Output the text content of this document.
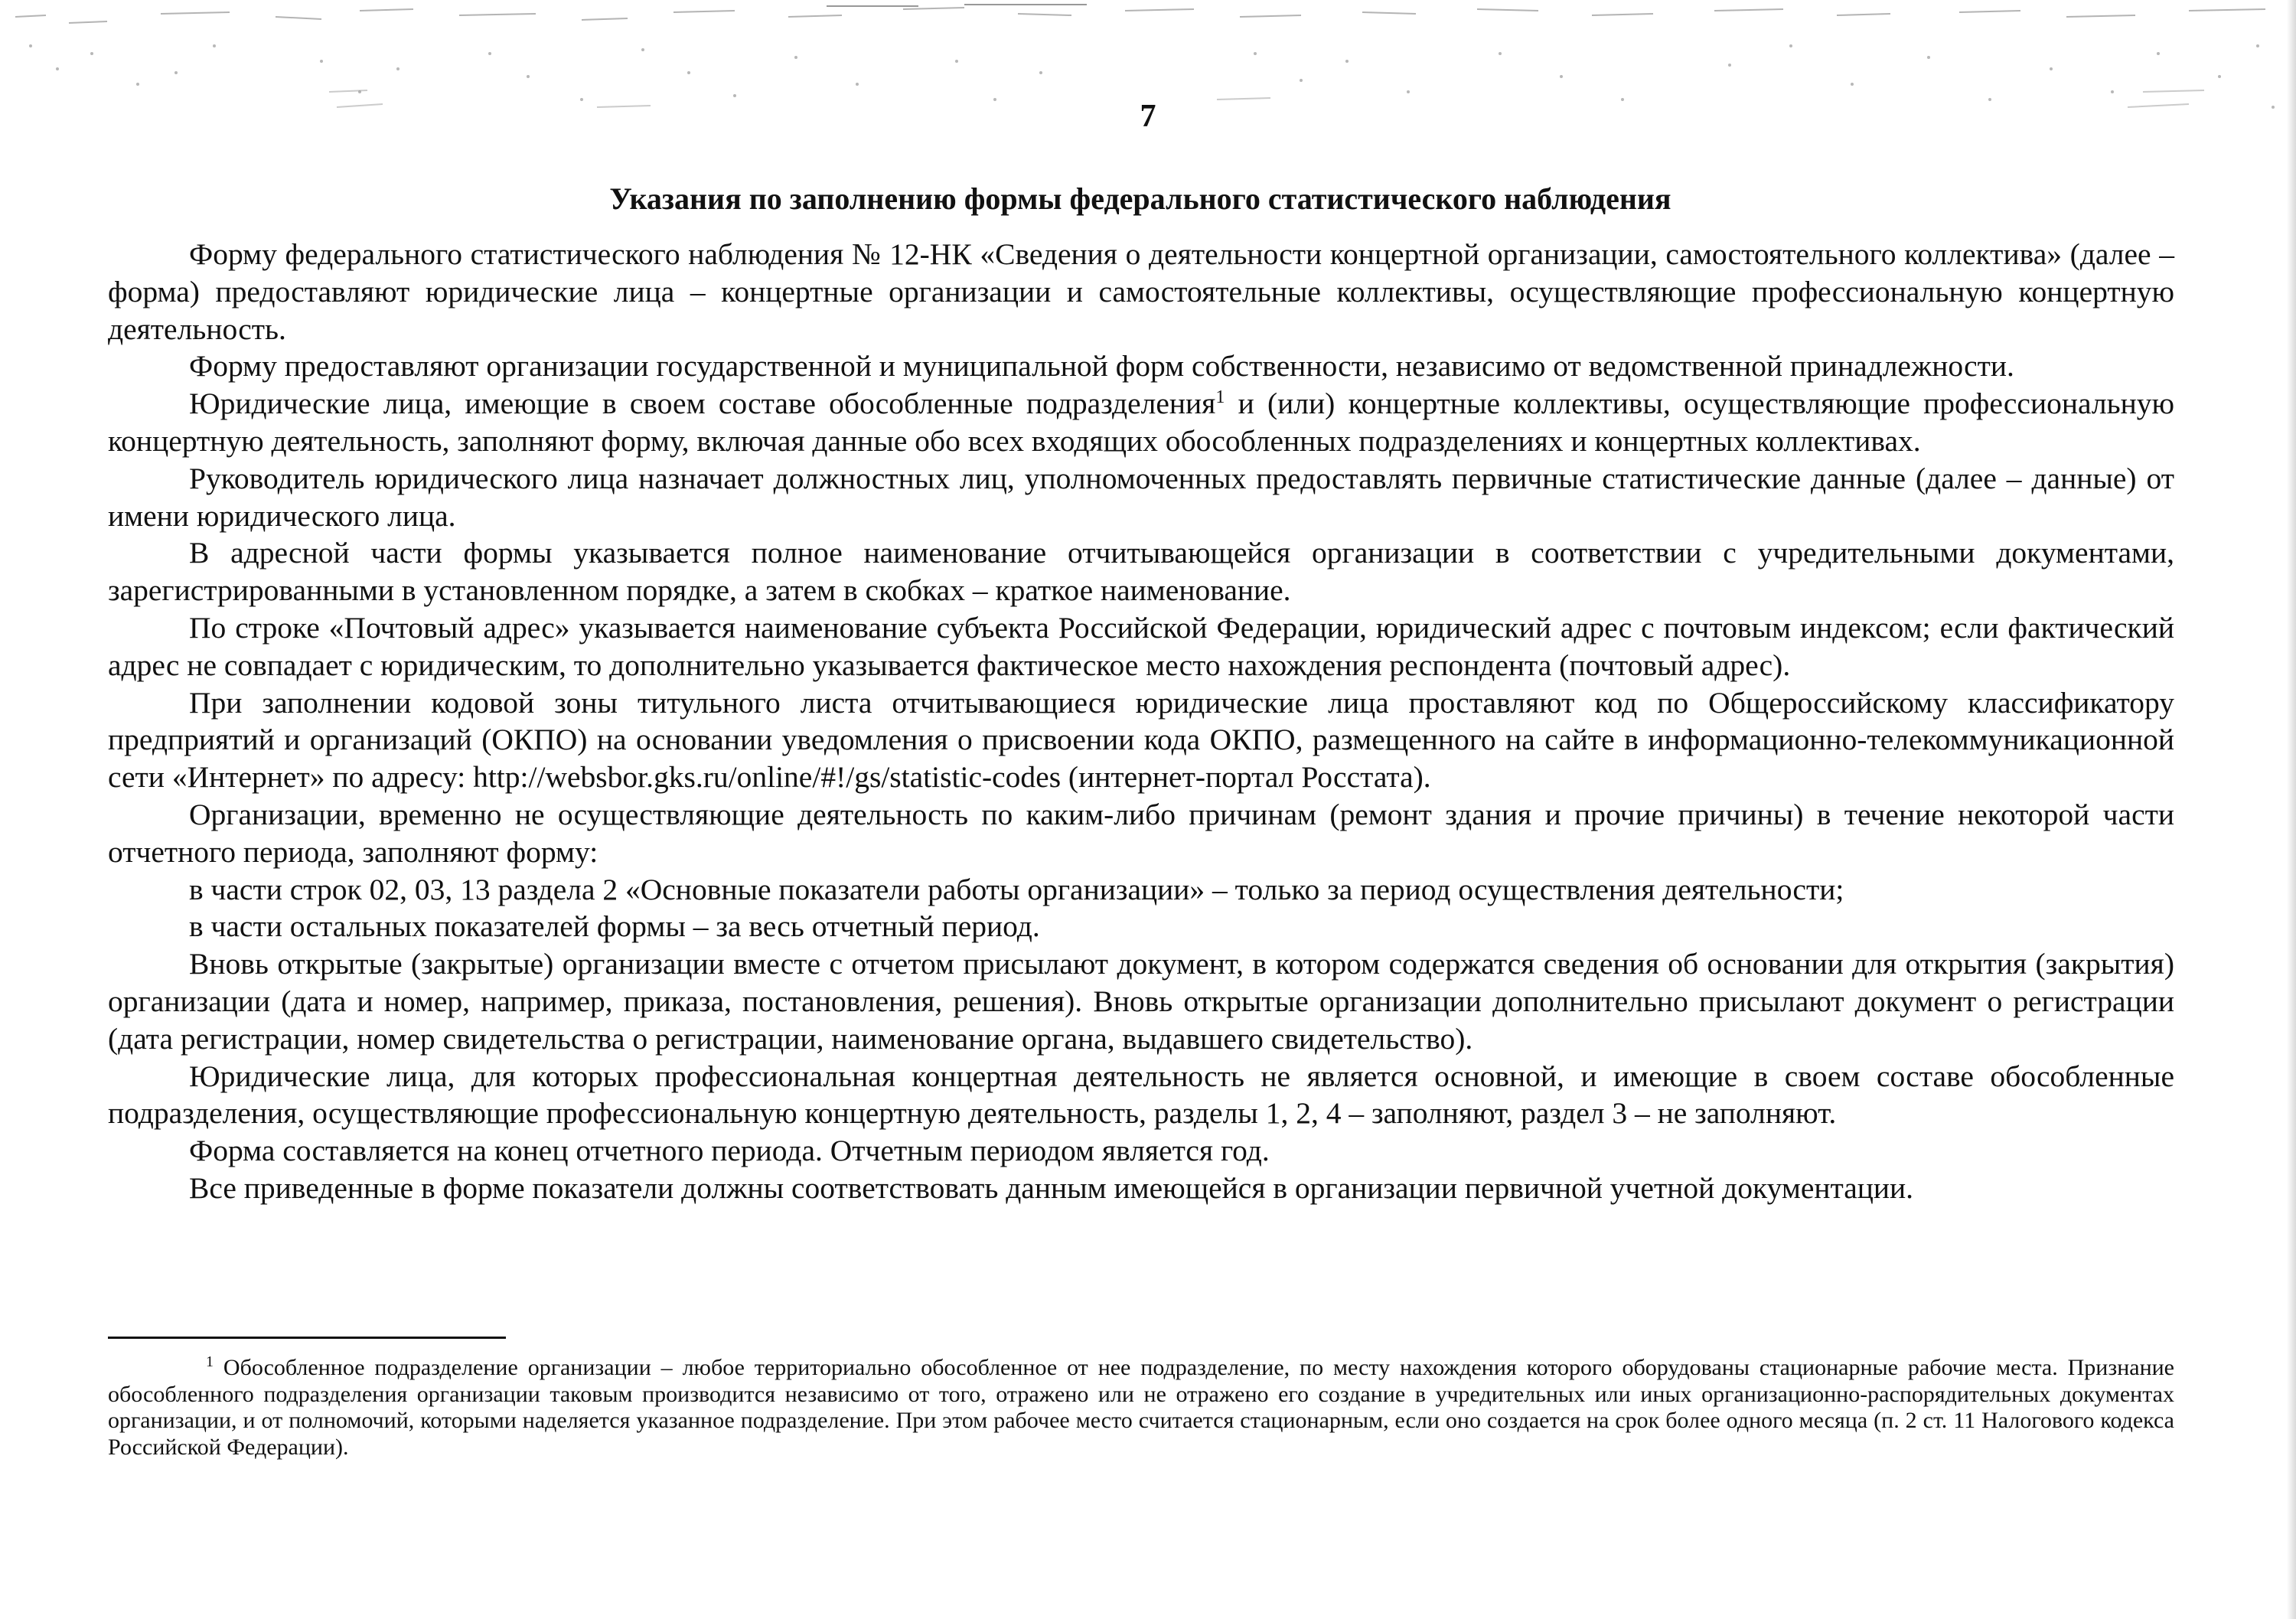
7
Указания по заполнению формы федерального статистического наблюдения

Форму федерального статистического наблюдения № 12-НК «Сведения о деятельности концертной организации, самостоятельного коллектива» (далее – форма) предоставляют юридические лица – концертные организации и самостоятельные коллективы, осуществляющие профессиональную концертную деятельность.

Форму предоставляют организации государственной и муниципальной форм собственности, независимо от ведомственной принадлежности.

Юридические лица, имеющие в своем составе обособленные подразделения$^1$ и (или) концертные коллективы, осуществляющие профессиональную концертную деятельность, заполняют форму, включая данные обо всех входящих обособленных подразделениях и концертных коллективах.

Руководитель юридического лица назначает должностных лиц, уполномоченных предоставлять первичные статистические данные (далее – данные) от имени юридического лица.

В адресной части формы указывается полное наименование отчитывающейся организации в соответствии с учредительными документами, зарегистрированными в установленном порядке, а затем в скобках – краткое наименование.

По строке «Почтовый адрес» указывается наименование субъекта Российской Федерации, юридический адрес с почтовым индексом; если фактический адрес не совпадает с юридическим, то дополнительно указывается фактическое место нахождения респондента (почтовый адрес).

При заполнении кодовой зоны титульного листа отчитывающиеся юридические лица проставляют код по Общероссийскому классификатору предприятий и организаций (ОКПО) на основании уведомления о присвоении кода ОКПО, размещенного на сайте в информационно-телекоммуникационной сети «Интернет» по адресу: http://websbor.gks.ru/online/#!/gs/statistic-codes (интернет-портал Росстата).

Организации, временно не осуществляющие деятельность по каким-либо причинам (ремонт здания и прочие причины) в течение некоторой части отчетного периода, заполняют форму:

в части строк 02, 03, 13 раздела 2 «Основные показатели работы организации» – только за период осуществления деятельности;

в части остальных показателей формы – за весь отчетный период.

Вновь открытые (закрытые) организации вместе с отчетом присылают документ, в котором содержатся сведения об основании для открытия (закрытия) организации (дата и номер, например, приказа, постановления, решения). Вновь открытые организации дополнительно присылают документ о регистрации (дата регистрации, номер свидетельства о регистрации, наименование органа, выдавшего свидетельство).

Юридические лица, для которых профессиональная концертная деятельность не является основной, и имеющие в своем составе обособленные подразделения, осуществляющие профессиональную концертную деятельность, разделы 1, 2, 4 – заполняют, раздел 3 – не заполняют.

Форма составляется на конец отчетного периода. Отчетным периодом является год.

Все приведенные в форме показатели должны соответствовать данным имеющейся в организации первичной учетной документации.

$^1$ Обособленное подразделение организации – любое территориально обособленное от нее подразделение, по месту нахождения которого оборудованы стационарные рабочие места. Признание обособленного подразделения организации таковым производится независимо от того, отражено или не отражено его создание в учредительных или иных организационно-распорядительных документах организации, и от полномочий, которыми наделяется указанное подразделение. При этом рабочее место считается стационарным, если оно создается на срок более одного месяца (п. 2 ст. 11 Налогового кодекса Российской Федерации).
